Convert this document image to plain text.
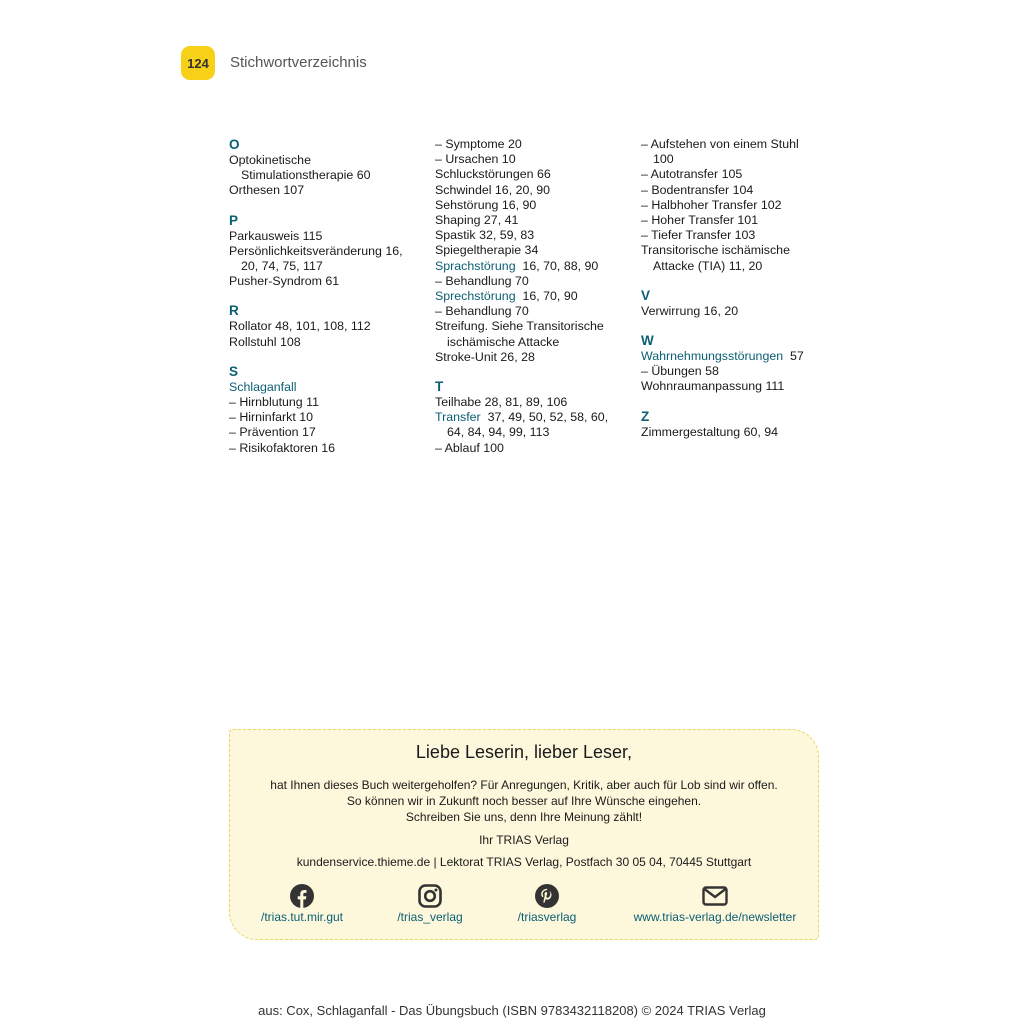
124 Stichwortverzeichnis
O
Optokinetische
Stimulationstherapie 60
Orthesen 107
P
Parkausweis 115
Persönlichkeitsveränderung 16,
20, 74, 75, 117
Pusher-Syndrom 61
R
Rollator 48, 101, 108, 112
Rollstuhl 108
S
Schlaganfall
– Hirnblutung 11
– Hirninfarkt 10
– Prävention 17
– Risikofaktoren 16
– Symptome 20
– Ursachen 10
Schluckstörungen 66
Schwindel 16, 20, 90
Sehstörung 16, 90
Shaping 27, 41
Spastik 32, 59, 83
Spiegeltherapie 34
Sprachstörung  16, 70, 88, 90
– Behandlung 70
Sprechstörung  16, 70, 90
– Behandlung 70
Streifung. Siehe Transitorische
ischämische Attacke
Stroke-Unit 26, 28
T
Teilhabe 28, 81, 89, 106
Transfer  37, 49, 50, 52, 58, 60,
64, 84, 94, 99, 113
– Ablauf 100
– Aufstehen von einem Stuhl
100
– Autotransfer 105
– Bodentransfer 104
– Halbhoher Transfer 102
– Hoher Transfer 101
– Tiefer Transfer 103
Transitorische ischämische
Attacke (TIA) 11, 20
V
Verwirrung 16, 20
W
Wahrnehmungsstörungen  57
– Übungen 58
Wohnraumanpassung 111
Z
Zimmergestaltung 60, 94
Liebe Leserin, lieber Leser,
hat Ihnen dieses Buch weitergeholfen? Für Anregungen, Kritik, aber auch für Lob sind wir offen.
So können wir in Zukunft noch besser auf Ihre Wünsche eingehen.
Schreiben Sie uns, denn Ihre Meinung zählt!
Ihr TRIAS Verlag
kundenservice.thieme.de | Lektorat TRIAS Verlag, Postfach 30 05 04, 70445 Stuttgart
/trias.tut.mir.gut	/trias_verlag	/triasverlag	www.trias-verlag.de/newsletter
aus: Cox, Schlaganfall - Das Übungsbuch (ISBN 9783432118208) © 2024 TRIAS Verlag
